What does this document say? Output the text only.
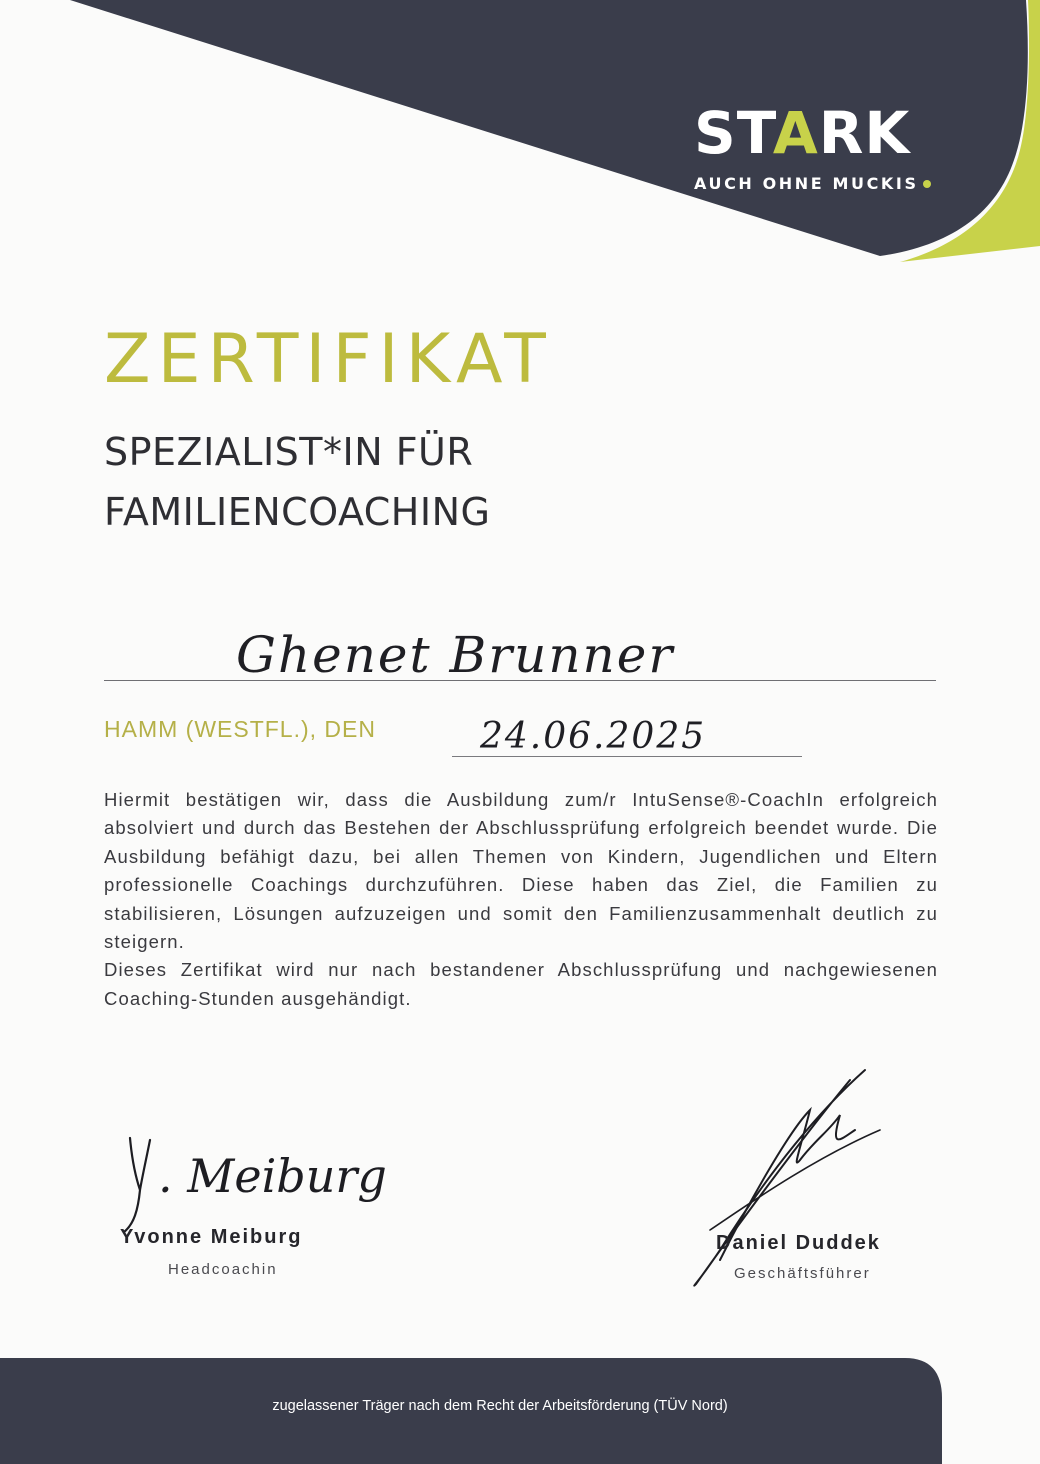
STARK
AUCH OHNE MUCKIS
ZERTIFIKAT
SPEZIALIST*IN FÜR FAMILIENCOACHING
Ghenet Brunner
HAMM (WESTFL.), DEN	24.06.2025

Hiermit bestätigen wir, dass die Ausbildung zum/r IntuSense®-CoachIn erfolgreich absolviert und durch das Bestehen der Abschlussprüfung erfolgreich beendet wurde. Die Ausbildung befähigt dazu, bei allen Themen von Kindern, Jugendlichen und Eltern professionelle Coachings durchzuführen. Diese haben das Ziel, die Familien zu stabilisieren, Lösungen aufzuzeigen und somit den Familienzusammenhalt deutlich zu steigern.

Dieses Zertifikat wird nur nach bestandener Abschlussprüfung und nachgewiesenen Coaching-Stunden ausgehändigt.

. Meiburg
Yvonne Meiburg
Headcoachin
Daniel Duddek
Geschäftsführer
zugelassener Träger nach dem Recht der Arbeitsförderung (TÜV Nord)
